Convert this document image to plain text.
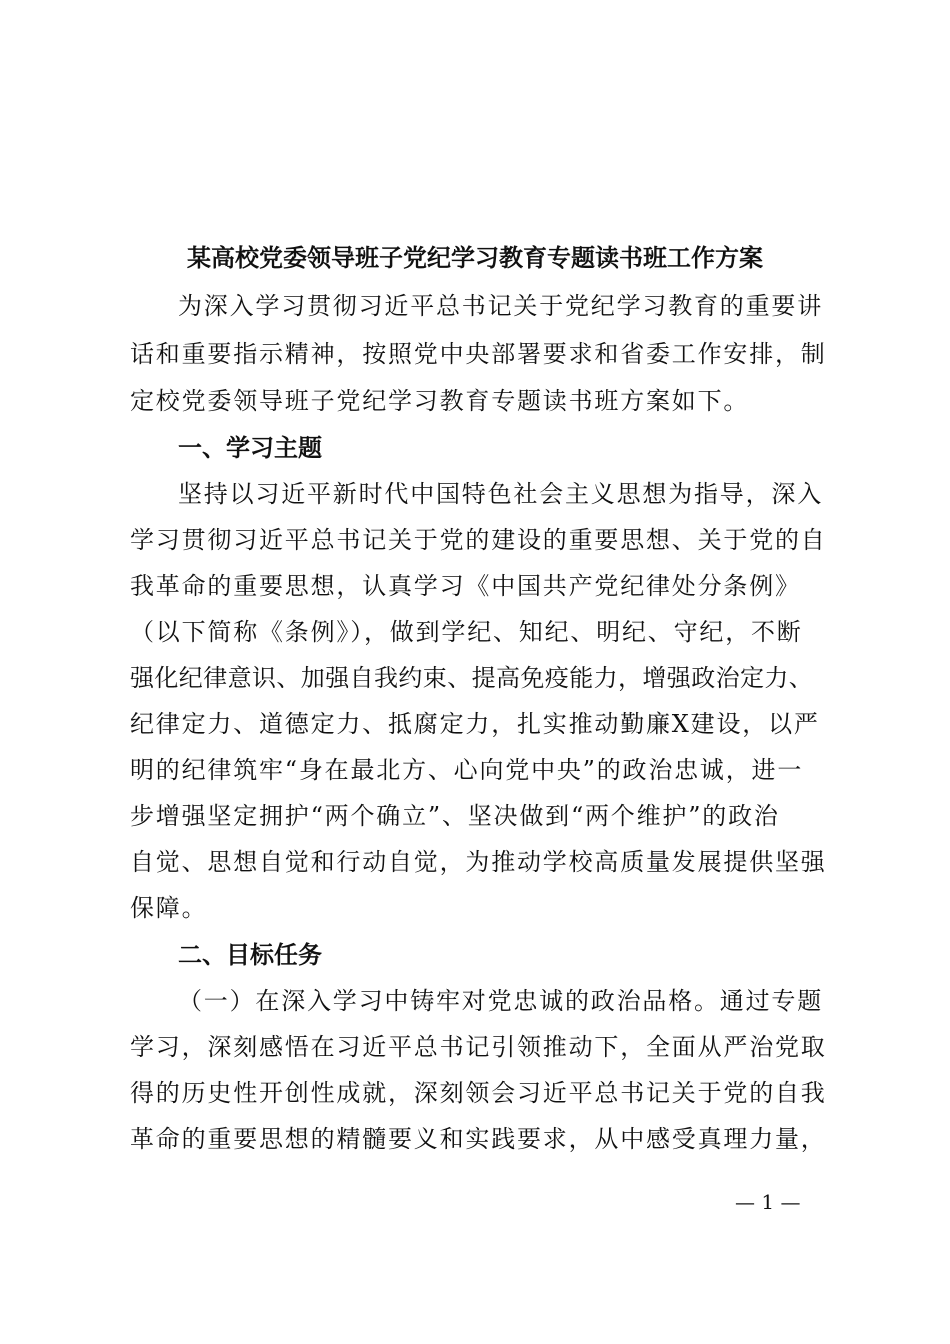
某高校党委领导班子党纪学习教育专题读书班工作方案
为深入学习贯彻习近平总书记关于党纪学习教育的重要讲
话和重要指示精神，按照党中央部署要求和省委工作安排，制
定校党委领导班子党纪学习教育专题读书班方案如下。
一、学习主题
坚持以习近平新时代中国特色社会主义思想为指导，深入
学习贯彻习近平总书记关于党的建设的重要思想、关于党的自
我革命的重要思想，认真学习《中国共产党纪律处分条例》
（以下简称《条例》），做到学纪、知纪、明纪、守纪，不断
强化纪律意识、加强自我约束、提高免疫能力，增强政治定力、
纪律定力、道德定力、抵腐定力，扎实推动勤廉X建设，以严
明的纪律筑牢“身在最北方、心向党中央”的政治忠诚，进一
步增强坚定拥护“两个确立”、坚决做到“两个维护”的政治
自觉、思想自觉和行动自觉，为推动学校高质量发展提供坚强
保障。
二、目标任务
（一）在深入学习中铸牢对党忠诚的政治品格。通过专题
学习，深刻感悟在习近平总书记引领推动下，全面从严治党取
得的历史性开创性成就，深刻领会习近平总书记关于党的自我
革命的重要思想的精髓要义和实践要求，从中感受真理力量，
— 1 —
